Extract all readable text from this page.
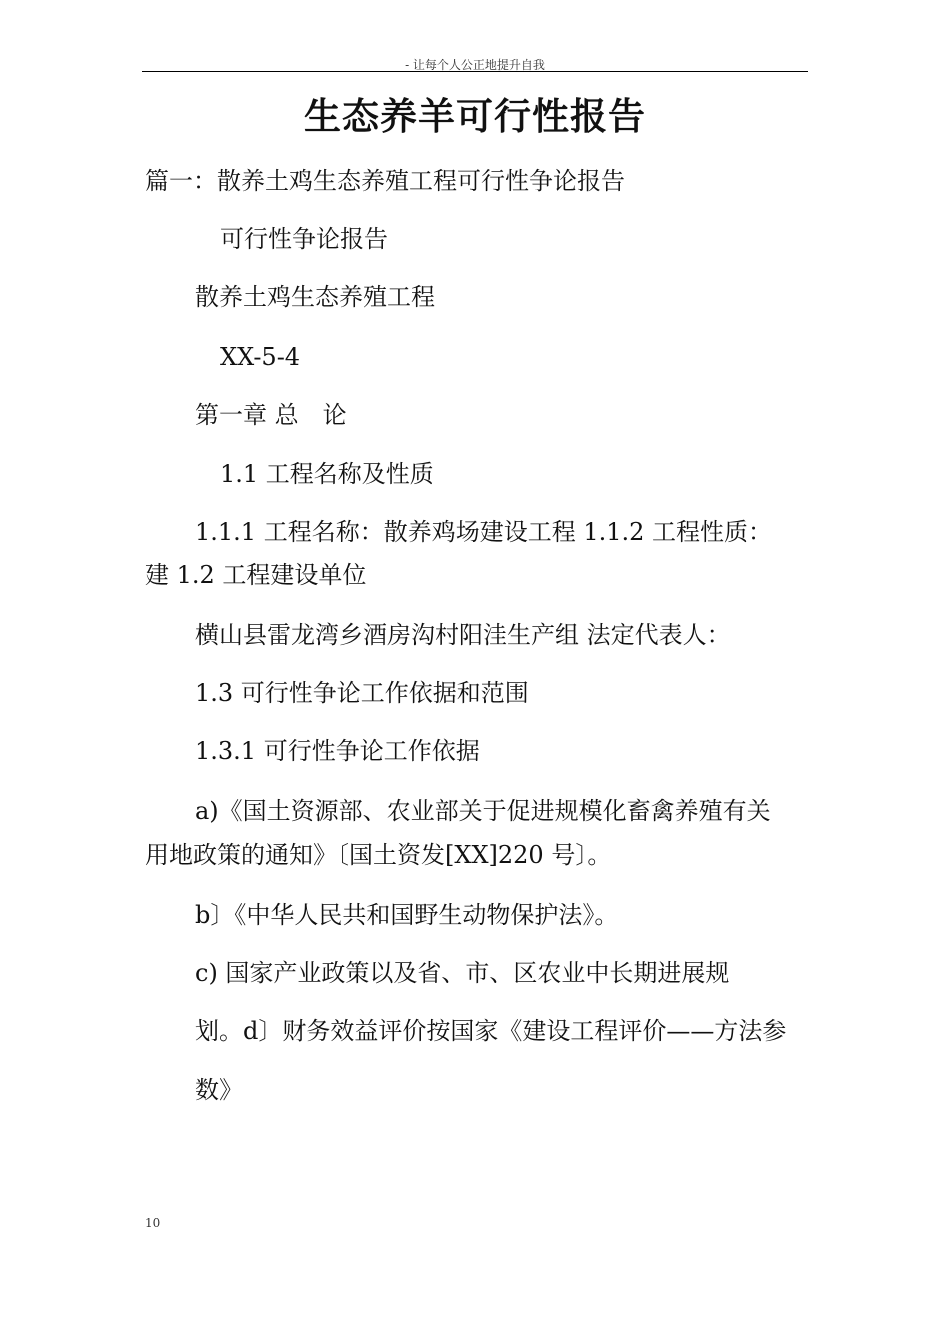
- 让每个人公正地提升自我
生态养羊可行性报告
篇一：散养土鸡生态养殖工程可行性争论报告
可行性争论报告
散养土鸡生态养殖工程
XX-5-4
第一章 总　论
1.1 工程名称及性质
1.1.1 工程名称：散养鸡场建设工程 1.1.2 工程性质：
建 1.2 工程建设单位
横山县雷龙湾乡酒房沟村阳洼生产组 法定代表人：
1.3 可行性争论工作依据和范围
1.3.1 可行性争论工作依据
a)《国土资源部、农业部关于促进规模化畜禽养殖有关
用地政策的通知》〔国土资发[XX]220 号〕。
b〕《中华人民共和国野生动物保护法》。
c) 国家产业政策以及省、市、区农业中长期进展规
划。d〕财务效益评价按国家《建设工程评价——方法参
数》
10
